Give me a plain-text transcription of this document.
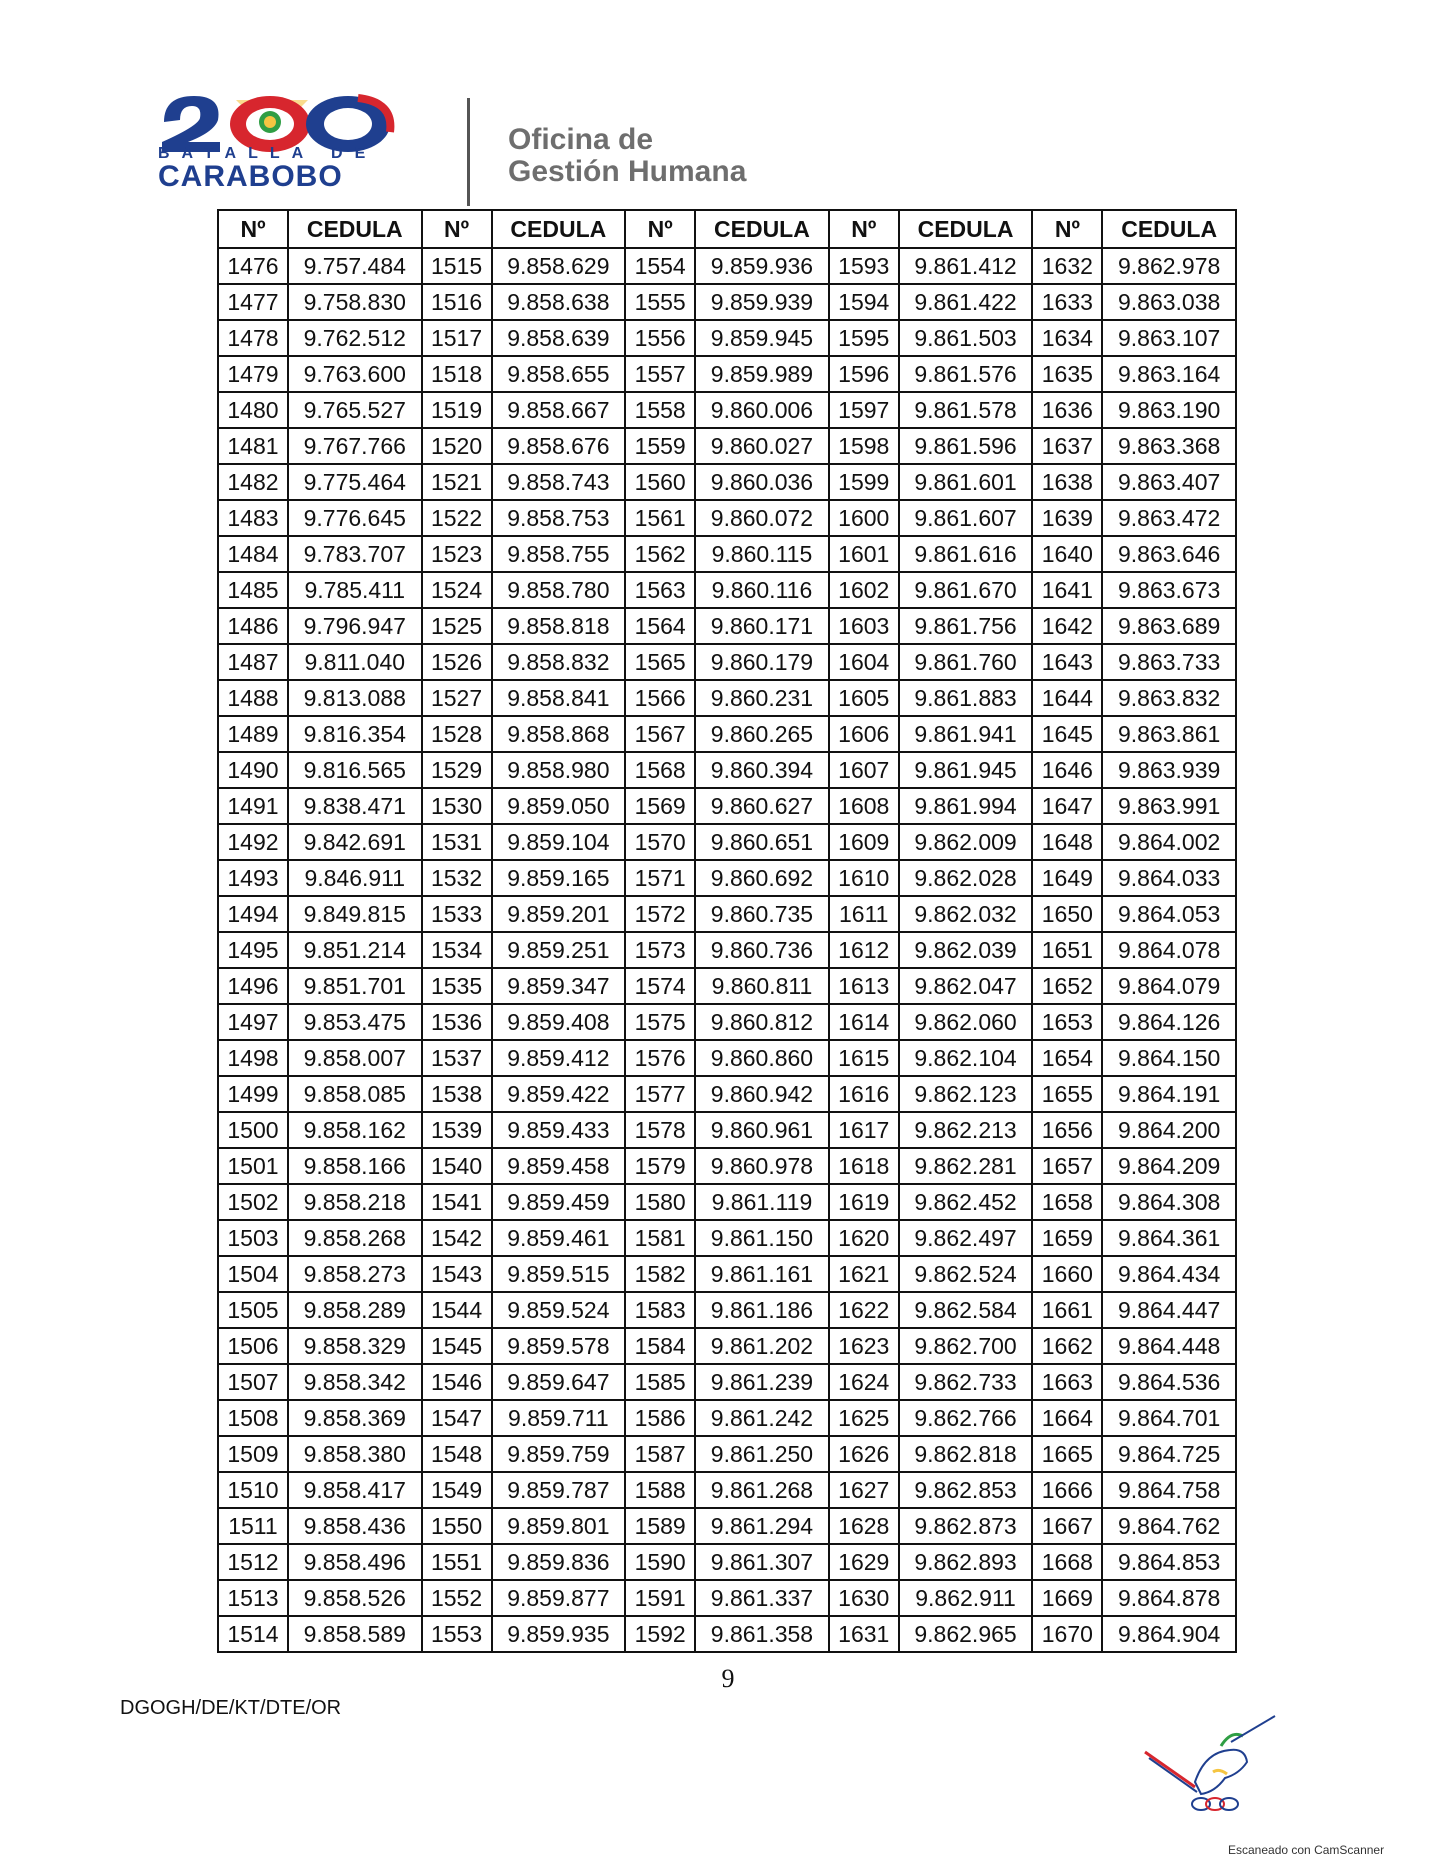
BATALLA DE
CARABOBO
Oficina de
Gestión Humana
Nº	CEDULA	Nº	CEDULA	Nº	CEDULA	Nº	CEDULA	Nº	CEDULA
1476	9.757.484	1515	9.858.629	1554	9.859.936	1593	9.861.412	1632	9.862.978
1477	9.758.830	1516	9.858.638	1555	9.859.939	1594	9.861.422	1633	9.863.038
1478	9.762.512	1517	9.858.639	1556	9.859.945	1595	9.861.503	1634	9.863.107
1479	9.763.600	1518	9.858.655	1557	9.859.989	1596	9.861.576	1635	9.863.164
1480	9.765.527	1519	9.858.667	1558	9.860.006	1597	9.861.578	1636	9.863.190
1481	9.767.766	1520	9.858.676	1559	9.860.027	1598	9.861.596	1637	9.863.368
1482	9.775.464	1521	9.858.743	1560	9.860.036	1599	9.861.601	1638	9.863.407
1483	9.776.645	1522	9.858.753	1561	9.860.072	1600	9.861.607	1639	9.863.472
1484	9.783.707	1523	9.858.755	1562	9.860.115	1601	9.861.616	1640	9.863.646
1485	9.785.411	1524	9.858.780	1563	9.860.116	1602	9.861.670	1641	9.863.673
1486	9.796.947	1525	9.858.818	1564	9.860.171	1603	9.861.756	1642	9.863.689
1487	9.811.040	1526	9.858.832	1565	9.860.179	1604	9.861.760	1643	9.863.733
1488	9.813.088	1527	9.858.841	1566	9.860.231	1605	9.861.883	1644	9.863.832
1489	9.816.354	1528	9.858.868	1567	9.860.265	1606	9.861.941	1645	9.863.861
1490	9.816.565	1529	9.858.980	1568	9.860.394	1607	9.861.945	1646	9.863.939
1491	9.838.471	1530	9.859.050	1569	9.860.627	1608	9.861.994	1647	9.863.991
1492	9.842.691	1531	9.859.104	1570	9.860.651	1609	9.862.009	1648	9.864.002
1493	9.846.911	1532	9.859.165	1571	9.860.692	1610	9.862.028	1649	9.864.033
1494	9.849.815	1533	9.859.201	1572	9.860.735	1611	9.862.032	1650	9.864.053
1495	9.851.214	1534	9.859.251	1573	9.860.736	1612	9.862.039	1651	9.864.078
1496	9.851.701	1535	9.859.347	1574	9.860.811	1613	9.862.047	1652	9.864.079
1497	9.853.475	1536	9.859.408	1575	9.860.812	1614	9.862.060	1653	9.864.126
1498	9.858.007	1537	9.859.412	1576	9.860.860	1615	9.862.104	1654	9.864.150
1499	9.858.085	1538	9.859.422	1577	9.860.942	1616	9.862.123	1655	9.864.191
1500	9.858.162	1539	9.859.433	1578	9.860.961	1617	9.862.213	1656	9.864.200
1501	9.858.166	1540	9.859.458	1579	9.860.978	1618	9.862.281	1657	9.864.209
1502	9.858.218	1541	9.859.459	1580	9.861.119	1619	9.862.452	1658	9.864.308
1503	9.858.268	1542	9.859.461	1581	9.861.150	1620	9.862.497	1659	9.864.361
1504	9.858.273	1543	9.859.515	1582	9.861.161	1621	9.862.524	1660	9.864.434
1505	9.858.289	1544	9.859.524	1583	9.861.186	1622	9.862.584	1661	9.864.447
1506	9.858.329	1545	9.859.578	1584	9.861.202	1623	9.862.700	1662	9.864.448
1507	9.858.342	1546	9.859.647	1585	9.861.239	1624	9.862.733	1663	9.864.536
1508	9.858.369	1547	9.859.711	1586	9.861.242	1625	9.862.766	1664	9.864.701
1509	9.858.380	1548	9.859.759	1587	9.861.250	1626	9.862.818	1665	9.864.725
1510	9.858.417	1549	9.859.787	1588	9.861.268	1627	9.862.853	1666	9.864.758
1511	9.858.436	1550	9.859.801	1589	9.861.294	1628	9.862.873	1667	9.864.762
1512	9.858.496	1551	9.859.836	1590	9.861.307	1629	9.862.893	1668	9.864.853
1513	9.858.526	1552	9.859.877	1591	9.861.337	1630	9.862.911	1669	9.864.878
1514	9.858.589	1553	9.859.935	1592	9.861.358	1631	9.862.965	1670	9.864.904
9
DGOGH/DE/KT/DTE/OR
Escaneado con CamScanner
